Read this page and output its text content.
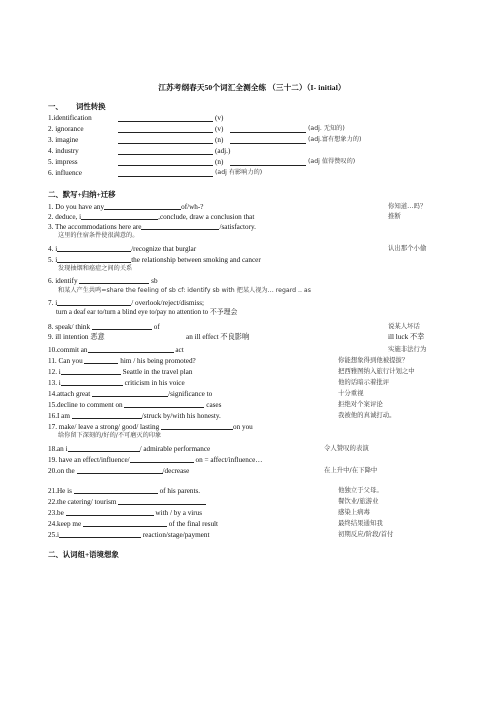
江苏考纲春天50个词汇全测全练 （三十二）（I- initial）
一、 词性转换
1.identification	(v)
2. ignorance	(v)	(adj. 无知的)
3. imagine	(n)	(adj.富有想象力的)
4. industry	(adj.)
5. impress	(n)	(adj 值得赞叹的)
6. influence	(adj 有影响力的)
二、默写+归纳+迁移
1. Do you have any	of/wh-?	你知道…吗？
2. deduce, i	,conclude, draw a conclusion that	推断
3. The accommodations here are	/satisfactory.
这里的住宿条件使很满意的。
4. i	/recognize that burglar	认出那个小偷
5. i	the relationship between smoking and cancer
发现抽烟和癌症之间的关系
6. identify	sb
和某人产生共鸣=share the feeling of sb cf: identify sb with 把某人视为… regard .. as
7. i	/ overlook/reject/dismiss;
turn a deaf ear to/turn a blind eye to/pay no attention to 不予理会
8. speak/ think	of	说某人坏话
9. ill intention 恶意	an ill effect 不良影响	ill luck 不幸
10.commit an	act	实施非法行为
11. Can you	him / his being promoted?	你能想象得到他被提拔？
12. i	Seattle in the travel plan	把西雅图纳入旅行计划之中
13. i	criticism in his voice	他的话暗示着批评
14.attach great	/significance to	十分重视
15.decline to comment on	cases	拒绝对个案评论
16.I am	/struck by/with his honesty.	我被他的真诚打动。
17. make/ leave a strong/ good/ lasting	on you
给你留下深刻的/好的/不可磨灭的印象
18.an i	/ admirable performance	令人赞叹的表演
19. have an effect/influence/	on = affect/influence…
20.on the	/decrease	在上升中/在下降中
21.He is	of his parents.	他独立于父母。
22.the catering/ tourism	餐饮业/旅游业
23.be	with / by a virus	感染上病毒
24.keep me	of the final result	最终结果通知我
25.i	reaction/stage/payment	初期反应/阶段/首付
二、认词组+语境想象
